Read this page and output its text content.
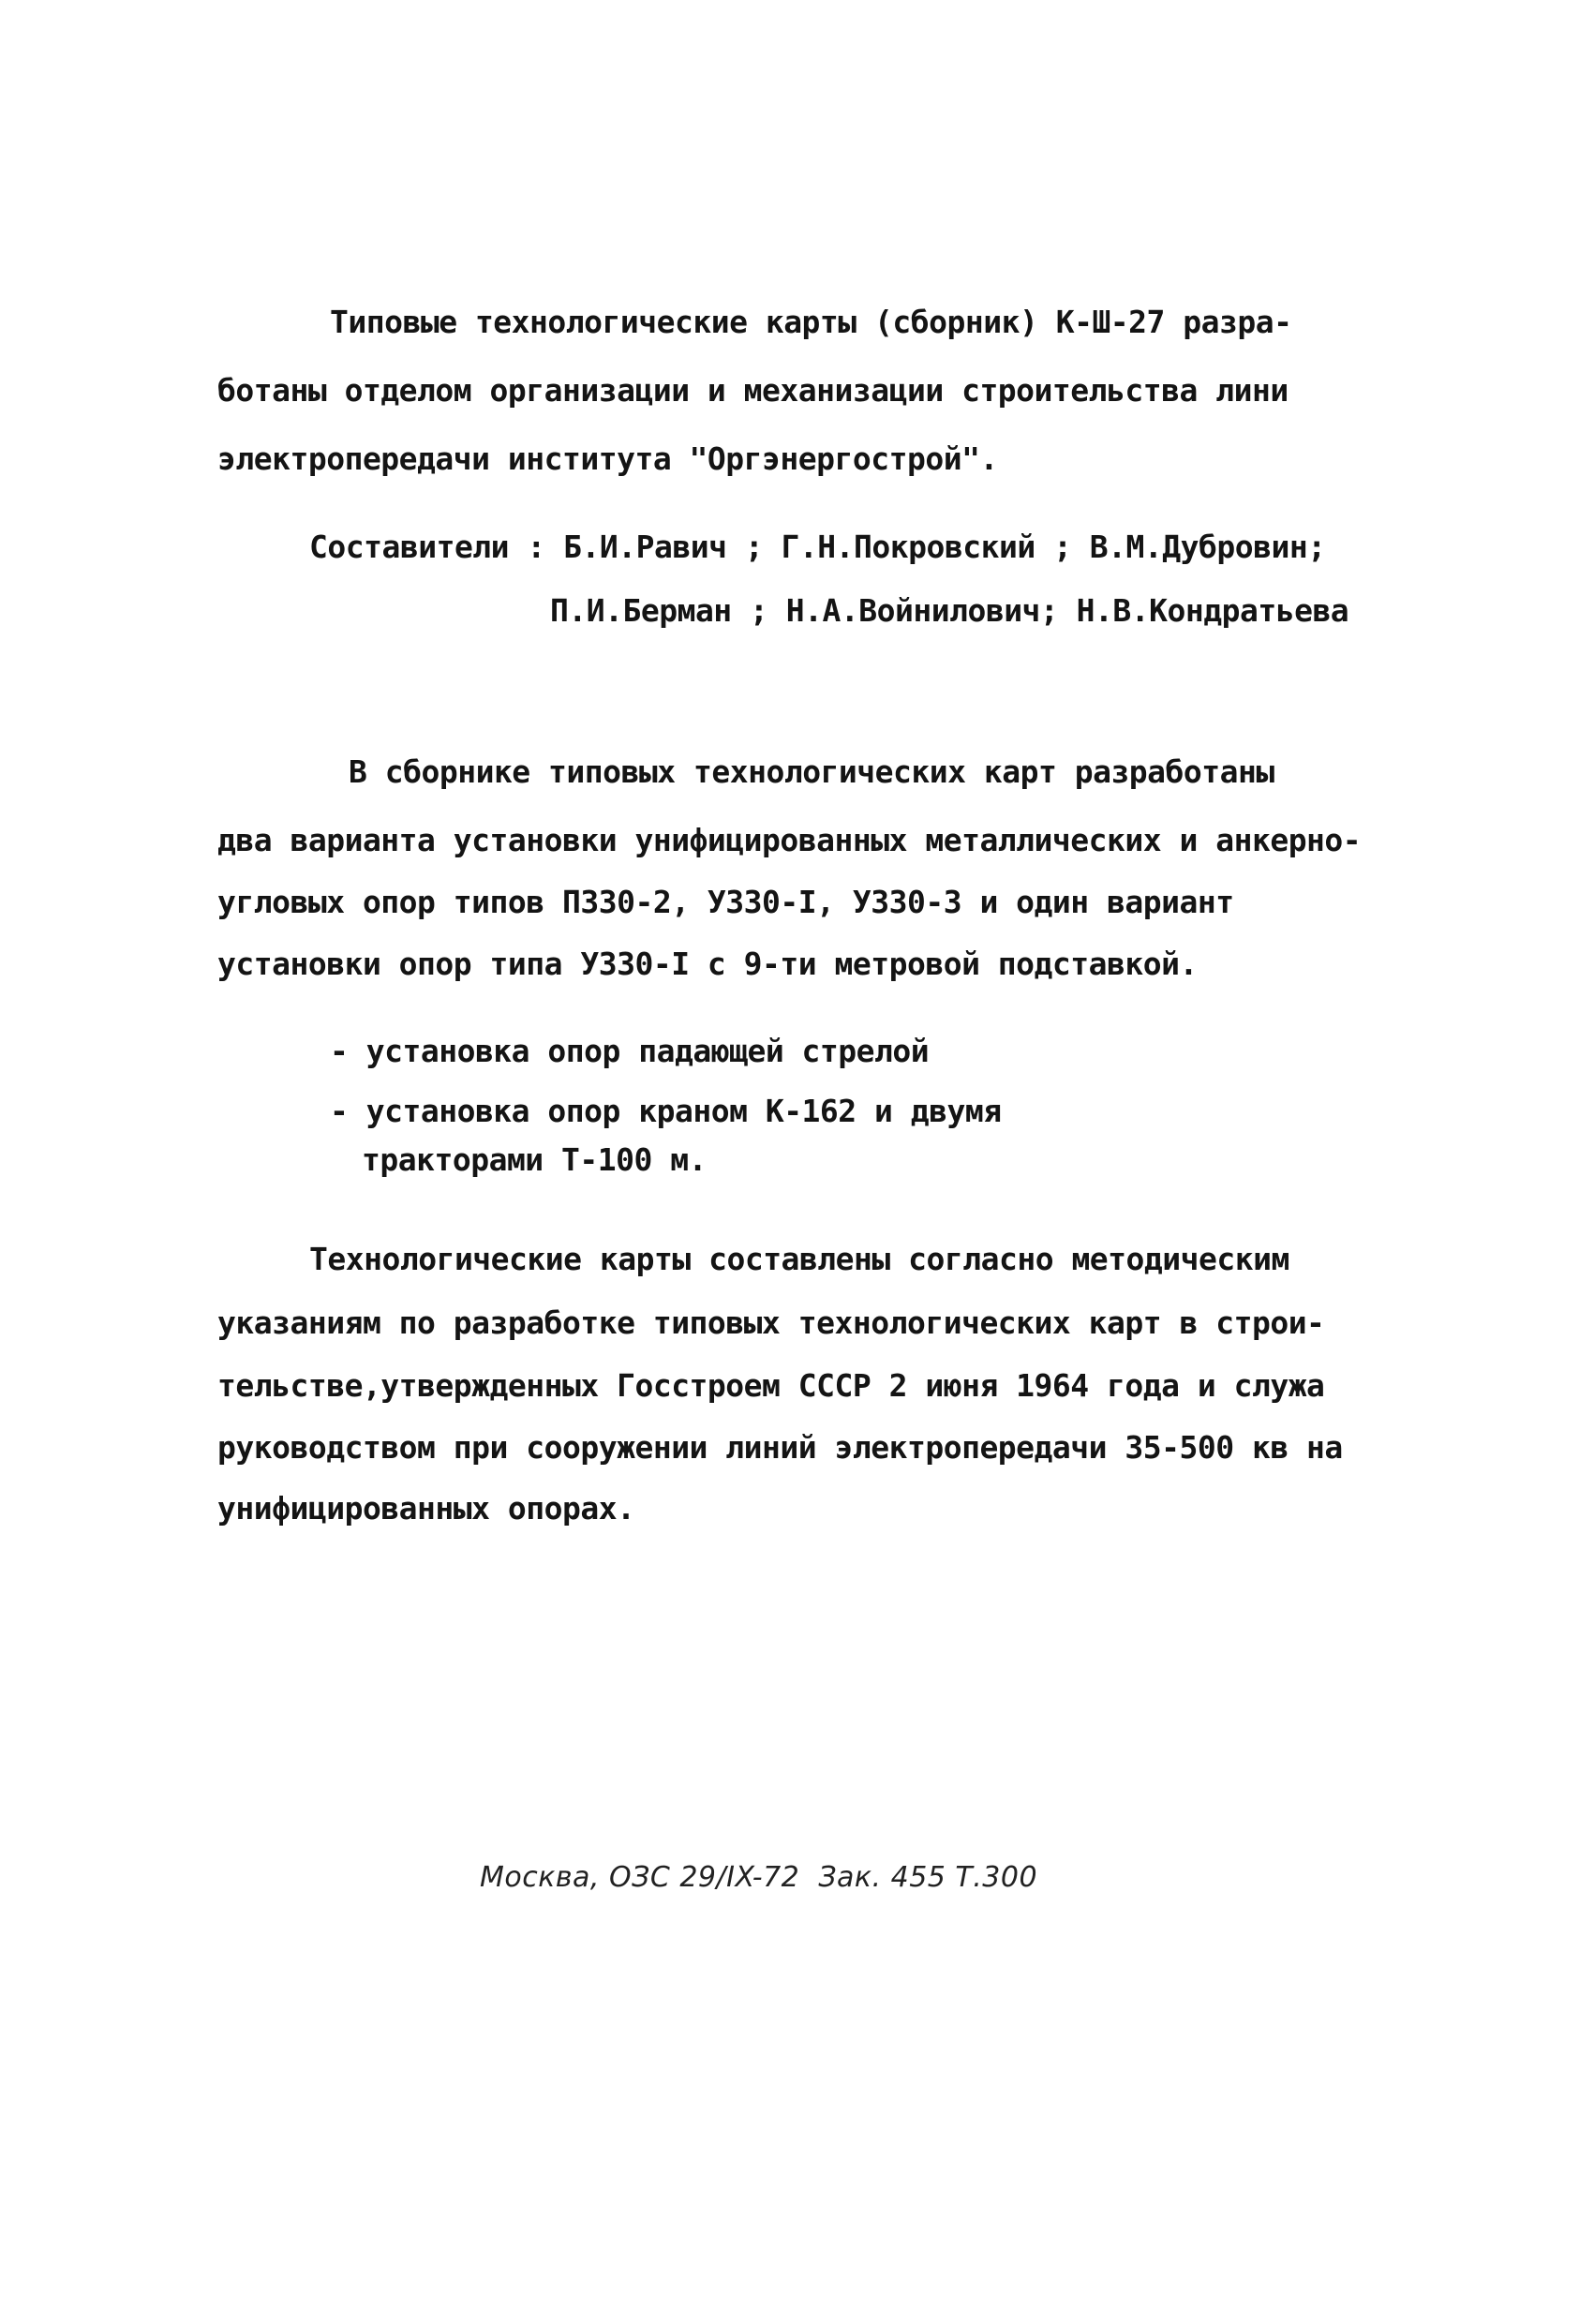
Типовые технологические карты (сборник) К-Ш-27 разра-
ботаны отделом организации и механизации строительства лини
электропередачи института "Оргэнергострой".
Составители : Б.И.Равич ; Г.Н.Покровский ; В.М.Дубровин;
П.И.Берман ; Н.А.Войнилович; Н.В.Кондратьева
В сборнике типовых технологических карт разработаны
два варианта установки унифицированных металлических и анкерно-
угловых опор типов П330-2, У330-I, У330-3 и один вариант
установки опор типа У330-I с 9-ти метровой подставкой.
- установка опор падающей стрелой
- установка опор краном К-162 и двумя
тракторами Т-100 м.
Технологические карты составлены согласно методическим
указаниям по разработке типовых технологических карт в строи-
тельстве,утвержденных Госстроем СССР 2 июня 1964 года и служа
руководством при сооружении линий электропередачи 35-500 кв на
унифицированных опорах.
Москва, ОЗС 29/IX-72  Зак. 455 Т.300
